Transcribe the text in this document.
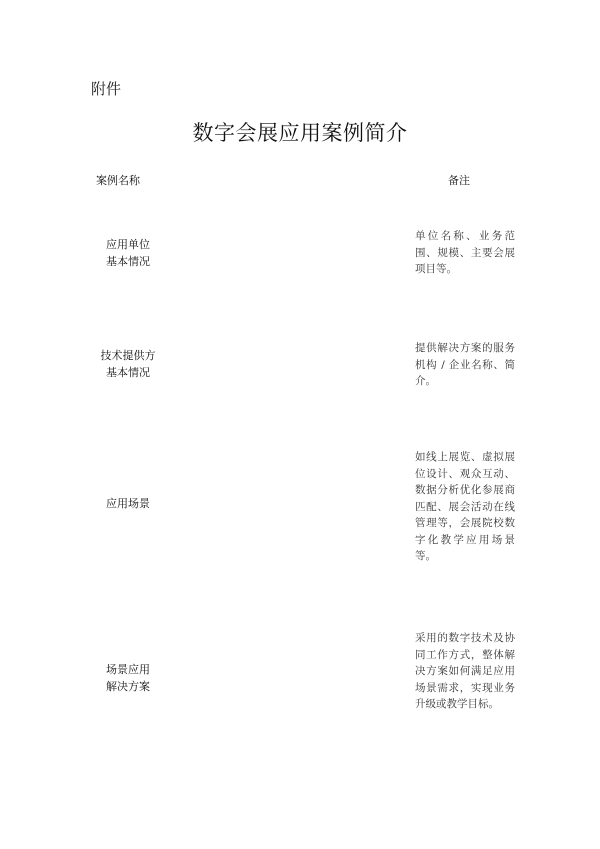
附件
数字会展应用案例简介
案例名称	备注
应用单位
基本情况
单位名称、业务范围、规模、主要会展项目等。
技术提供方
基本情况
提供解决方案的服务机构 / 企业名称、简介。
应用场景
如线上展览、虚拟展位设计、观众互动、数据分析优化参展商匹配、展会活动在线管理等，会展院校数字化教学应用场景等。
场景应用
解决方案
采用的数字技术及协同工作方式，整体解决方案如何满足应用场景需求，实现业务升级或教学目标。
